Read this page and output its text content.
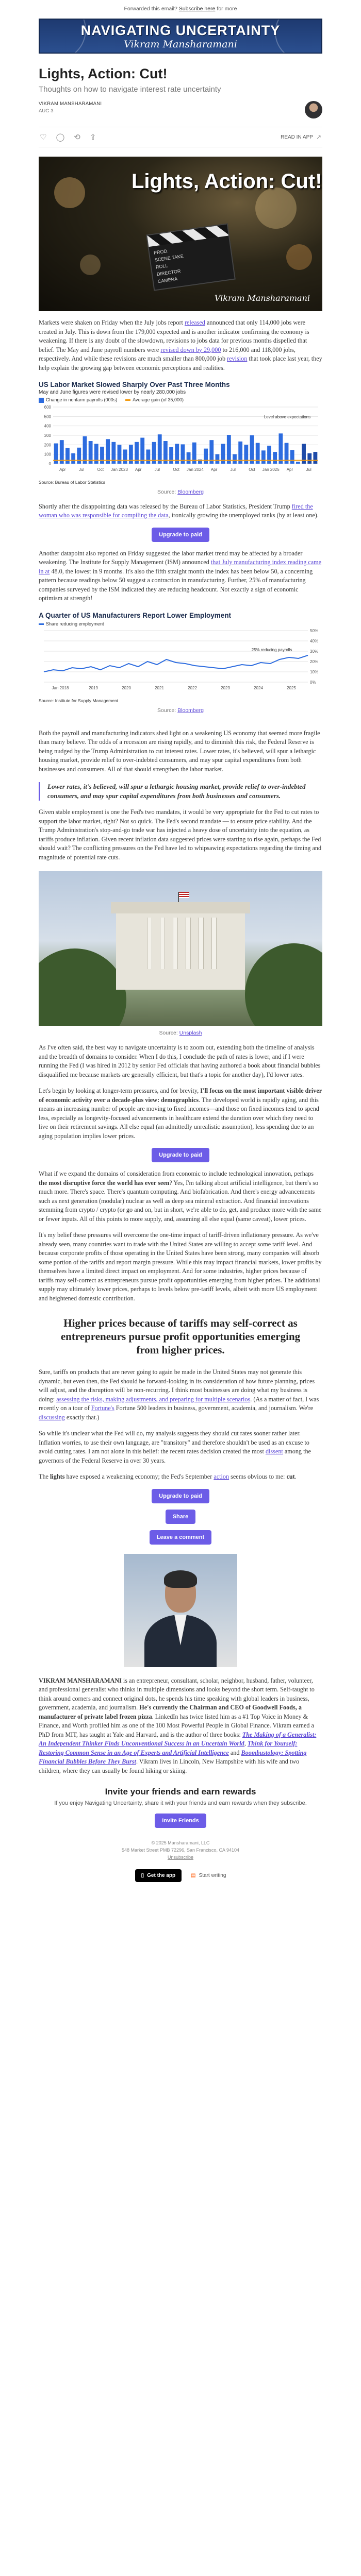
Forwarded this email? Subscribe here for more
NAVIGATING UNCERTAINTY
Vikram Mansharamani
Lights, Action: Cut!
Thoughts on how to navigate interest rate uncertainty
VIKRAM MANSHARAMANI
AUG 3
♡ ◯ ⟲ ⇪	READ IN APP ↗
Lights, Action: Cut!
PROD.
SCENE TAKE
ROLL
DIRECTOR
CAMERA
Vikram Mansharamani

Markets were shaken on Friday when the July jobs report released announced that only 114,000 jobs were created in July. This is down from the 179,000 expected and is another indicator confirming the economy is weakening. If there is any doubt of the slowdown, revisions to jobs data for previous months dispelled that belief. The May and June payroll numbers were revised down by 29,000 to 216,000 and 118,000 jobs, respectively. And while these revisions are much smaller than 800,000 job revision that took place last year, they help explain the growing gap between economic perceptions and realities.

US Labor Market Slowed Sharply Over Past Three Months
May and June figures were revised lower by nearly 280,000 jobs
Change in nonfarm payrolls (000s)	Average gain (of 35,000)
0
100
200
300
400
500
600
Apr	Jul	Oct Jan 2023 Apr	Jul	Oct Jan 2024 Apr	Jul	Oct Jan 2025 Apr	Jul
Level above expectations
Source: Bureau of Labor Statistics
Source: Bloomberg

Shortly after the disappointing data was released by the Bureau of Labor Statistics, President Trump fired the woman who was responsible for compiling the data, ironically growing the unemployed ranks (by at least one).

Upgrade to paid

Another datapoint also reported on Friday suggested the labor market trend may be affected by a broader weakening. The Institute for Supply Management (ISM) announced that July manufacturing index reading came in at 48.0, the lowest in 9 months. It's also the fifth straight month the index has been below 50, a concerning pattern because readings below 50 suggest a contraction in manufacturing. Further, 25% of manufacturing companies surveyed by the ISM indicated they are reducing headcount. Not exactly a sign of economic optimism at strength!

A Quarter of US Manufacturers Report Lower Employment
Share reducing employment
0%
10%
20%
30%
40%
50%
Jan 2018	2019	2020	2021	2022	2023	2024	2025
25% reducing payrolls
Source: Institute for Supply Management
Source: Bloomberg

Both the payroll and manufacturing indicators shed light on a weakening US economy that seemed more fragile than many believe. The odds of a recession are rising rapidly, and to diminish this risk, the Federal Reserve is being nudged by the Trump Administration to cut interest rates. Lower rates, it's believed, will spur a lethargic housing market, provide relief to over-indebted consumers, and may spur capital expenditures from both businesses and consumers. All of that should strengthen the labor market.

Lower rates, it's believed, will spur a lethargic housing market, provide relief to over-indebted consumers, and may spur capital expenditures from both businesses and consumers.

Given stable employment is one the Fed's two mandates, it would be very appropriate for the Fed to cut rates to support the labor market, right? Not so quick. The Fed's second mandate — to ensure price stability. And the Trump Administration's stop-and-go trade war has injected a heavy dose of uncertainty into the equation, as tariffs produce inflation. Given recent inflation data suggested prices were starting to rise again, perhaps the Fed should wait? The conflicting pressures on the Fed have led to whipsawing expectations regarding the timing and magnitude of potential rate cuts.

Source: Unsplash

As I've often said, the best way to navigate uncertainty is to zoom out, extending both the timeline of analysis and the breadth of domains to consider. When I do this, I conclude the path of rates is lower, and if I were running the Fed (I was hired in 2012 by senior Fed officials that having authored a book about financial bubbles disqualified me because markets are generally efficient, but that's a topic for another day), I'd lower rates.

Let's begin by looking at longer-term pressures, and for brevity, I'll focus on the most important visible driver of economic activity over a decade-plus view: demographics. The developed world is rapidly aging, and this means an increasing number of people are moving to fixed incomes—and those on fixed incomes tend to spend less, especially as longevity-focused advancements in healthcare extend the duration over which they need to live on their retirement savings. All else equal (an admittedly unrealistic assumption), less spending due to an aging population implies lower prices.

Upgrade to paid

What if we expand the domains of consideration from economic to include technological innovation, perhaps the most disruptive force the world has ever seen? Yes, I'm talking about artificial intelligence, but there's so much more. There's space. There's quantum computing. And biofabrication. And there's energy advancements such as next generation (modular) nuclear as well as deep sea mineral extraction. And financial innovations stemming from crypto / crypto (or go and on, but in short, we're able to do, get, and produce more with the same or fewer inputs. All of this points to more supply, and, assuming all else equal (same caveat), lower prices.

It's my belief these pressures will overcome the one-time impact of tariff-driven inflationary pressure. As we've already seen, many countries want to trade with the United States are willing to accept some tariff level. And because corporate profits of those operating in the United States have been strong, many companies will absorb some portion of the tariffs and report margin pressure. While this may impact financial markets, lower profits by themselves have a limited direct impact on employment. And for some industries, higher prices because of tariffs may self-correct as entrepreneurs pursue profit opportunities emerging from higher prices. The additional supply may ultimately lower prices, perhaps to levels below pre-tariff levels, albeit with more US employment and heightened domestic contribution.

Higher prices because of tariffs may self-correct as entrepreneurs pursue profit opportunities emerging from higher prices.

Sure, tariffs on products that are never going to again be made in the United States may not generate this dynamic, but even then, the Fed should be forward-looking in its consideration of how future planning, prices will adjust, and the disruption will be non-recurring. I think most businesses are doing what my business is doing: assessing the risks, making adjustments, and preparing for multiple scenarios. (As a matter of fact, I was recently on a tour of Fortune's Fortune 500 leaders in business, government, academia, and journalism. We're discussing exactly that.)

So while it's unclear what the Fed will do, my analysis suggests they should cut rates sooner rather later. Inflation worries, to use their own language, are "transitory" and therefore shouldn't be used as an excuse to avoid cutting rates. I am not alone in this belief: the recent rates decision created the most dissent among the governors of the Federal Reserve in over 30 years.

The lights have exposed a weakening economy; the Fed's September action seems obvious to me: cut.

Upgrade to paid
Share
Leave a comment

VIKRAM MANSHARAMANI is an entrepreneur, consultant, scholar, neighbor, husband, father, volunteer, and professional generalist who thinks in multiple dimensions and looks beyond the short term. Self-taught to think around corners and connect original dots, he spends his time speaking with global leaders in business, government, academia, and journalism. He's currently the Chairman and CEO of Goodwell Foods, a manufacturer of private label frozen pizza. LinkedIn has twice listed him as a #1 Top Voice in Money & Finance, and Worth profiled him as one of the 100 Most Powerful People in Global Finance. Vikram earned a PhD from MIT, has taught at Yale and Harvard, and is the author of three books: The Making of a Generalist: An Independent Thinker Finds Unconventional Success in an Uncertain World, Think for Yourself: Restoring Common Sense in an Age of Experts and Artificial Intelligence and Boombustology: Spotting Financial Bubbles Before They Burst. Vikram lives in Lincoln, New Hampshire with his wife and two children, where they can usually be found hiking or skiing.

Invite your friends and earn rewards

If you enjoy Navigating Uncertainty, share it with your friends and earn rewards when they subscribe.

Invite Friends
© 2025 Mansharamani, LLC
548 Market Street PMB 72296, San Francisco, CA 94104
Unsubscribe
▯ Get the app	▤ Start writing
